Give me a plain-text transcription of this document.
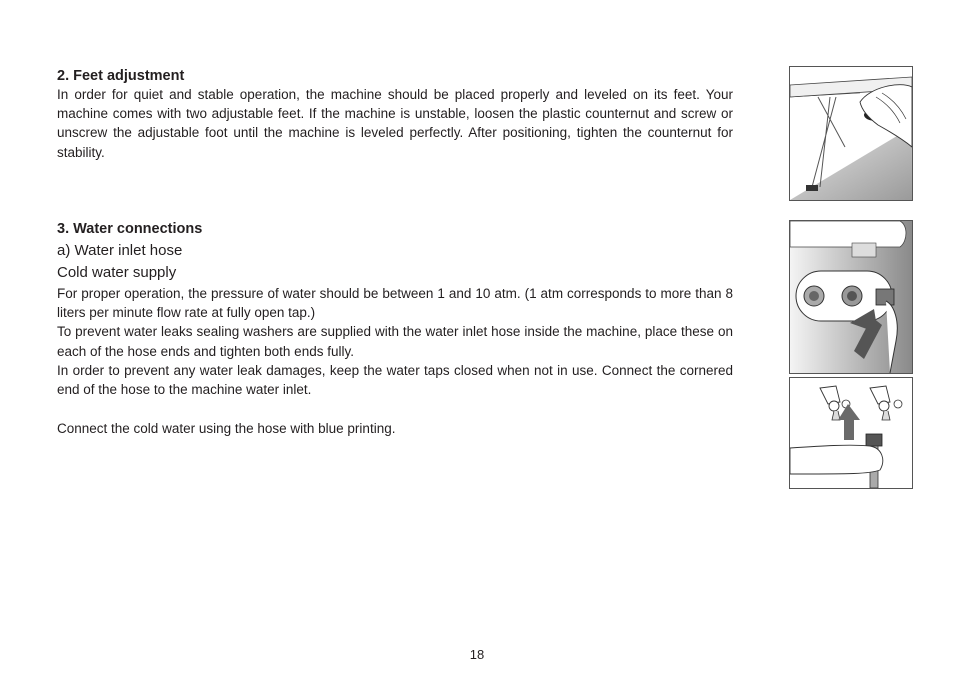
2. Feet adjustment

In order for quiet and stable operation, the machine should be placed properly and leveled on its feet. Your machine comes with two adjustable feet. If the machine is unstable, loosen the plastic counternut and screw or unscrew the adjustable foot until the machine is leveled perfectly. After positioning, tighten the counternut for stability.

3. Water connections

a) Water inlet hose

Cold water supply

For proper operation, the pressure of water should be between 1 and 10 atm. (1 atm corresponds to more than 8 liters per minute flow rate at fully open tap.)

To prevent water leaks sealing washers are supplied with the water inlet hose inside the machine, place these on each of the hose ends and tighten both ends fully.

In order to prevent any water leak damages, keep the water taps closed when not in use. Connect the cornered end of the hose to the machine water inlet.

Connect the cold water using the hose with blue printing.

18
